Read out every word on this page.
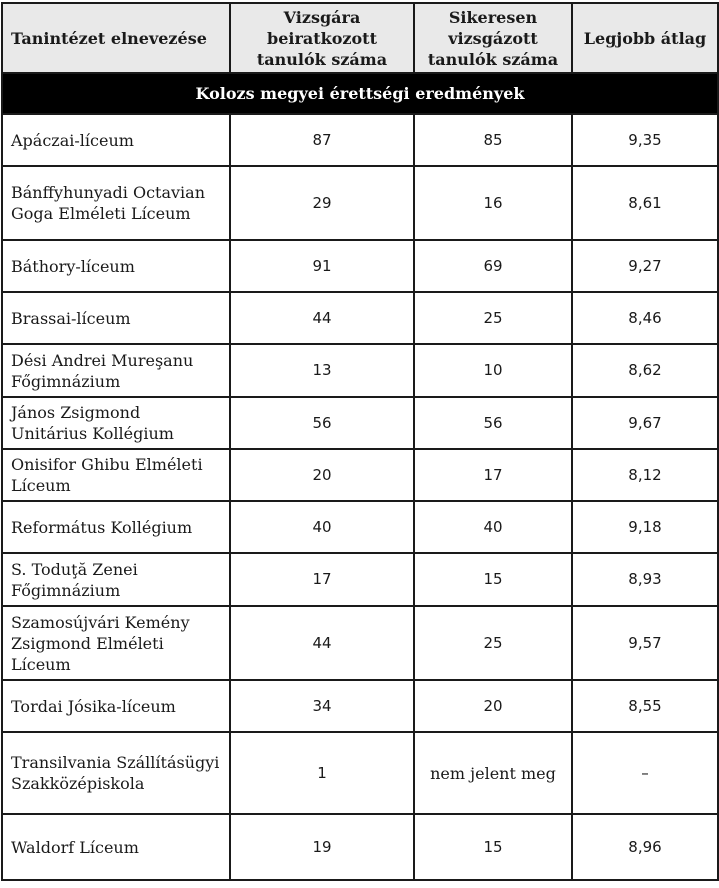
Tanintézet elnevezése	Vizsgára beiratkozott tanulók száma	Sikeresen vizsgázott tanulók száma	Legjobb átlag
Kolozs megyei érettségi eredmények			
Apáczai-líceum	87	85	9,35
Bánffyhunyadi Octavian Goga Elméleti Líceum	29	16	8,61
Báthory-líceum	91	69	9,27
Brassai-líceum	44	25	8,46
Dési Andrei Mureşanu Főgimnázium	13	10	8,62
János Zsigmond Unitárius Kollégium	56	56	9,67
Onisifor Ghibu Elméleti Líceum	20	17	8,12
Református Kollégium	40	40	9,18
S. Toduţă Zenei Főgimnázium	17	15	8,93
Szamosújvári Kemény Zsigmond Elméleti Líceum	44	25	9,57
Tordai Jósika-líceum	34	20	8,55
Transilvania Szállításügyi Szakközépiskola	1	nem jelent meg	–
Waldorf Líceum	19	15	8,96
